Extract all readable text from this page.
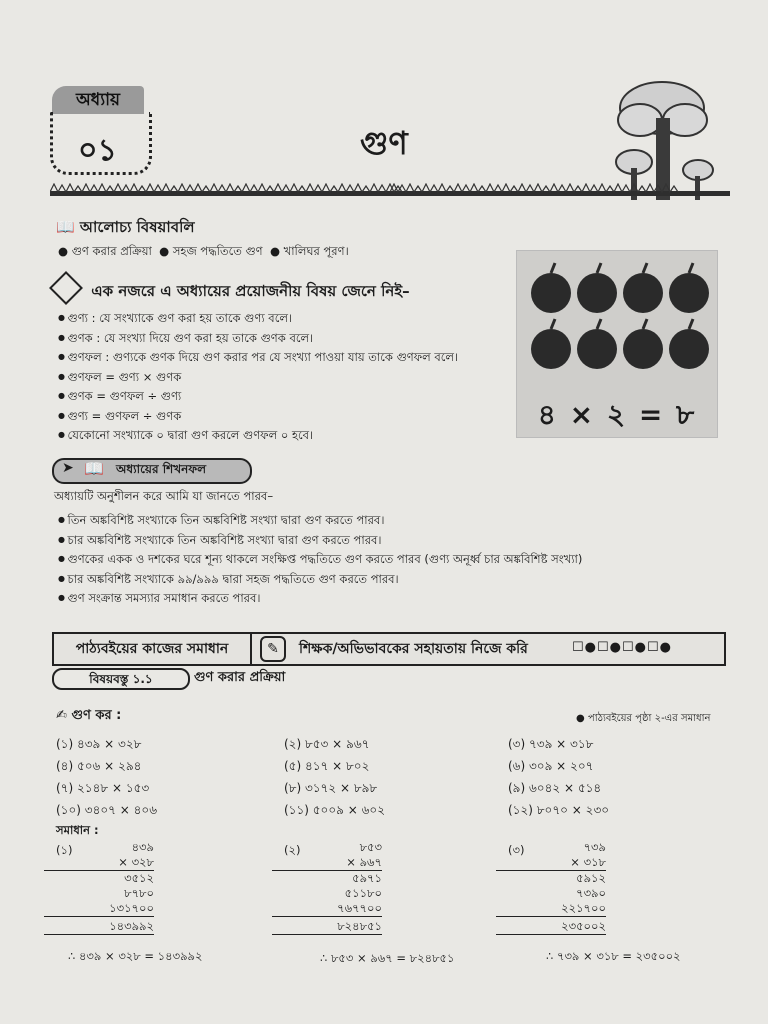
অধ্যায়
০১	গুণ
📖 আলোচ্য বিষয়াবলি
● গুণ করার প্রক্রিয়া  ● সহজ পদ্ধতিতে গুণ  ● খালিঘর পূরণ।
এক নজরে এ অধ্যায়ের প্রয়োজনীয় বিষয় জেনে নিই–
● গুণ্য : যে সংখ্যাকে গুণ করা হয় তাকে গুণ্য বলে।
● গুণক : যে সংখ্যা দিয়ে গুণ করা হয় তাকে গুণক বলে।
● গুণফল : গুণ্যকে গুণক দিয়ে গুণ করার পর যে সংখ্যা পাওয়া যায় তাকে গুণফল বলে।
● গুণফল = গুণ্য × গুণক
● গুণক = গুণফল ÷ গুণ্য
● গুণ্য = গুণফল ÷ গুণক
● যেকোনো সংখ্যাকে ০ দ্বারা গুণ করলে গুণফল ০ হবে।
৪ × ২ = ৮
➤ 📖 অধ্যায়ের শিখনফল
অধ্যায়টি অনুশীলন করে আমি যা জানতে পারব–
● তিন অঙ্কবিশিষ্ট সংখ্যাকে তিন অঙ্কবিশিষ্ট সংখ্যা দ্বারা গুণ করতে পারব।
● চার অঙ্কবিশিষ্ট সংখ্যাকে তিন অঙ্কবিশিষ্ট সংখ্যা দ্বারা গুণ করতে পারব।
● গুণকের একক ও দশকের ঘরে শূন্য থাকলে সংক্ষিপ্ত পদ্ধতিতে গুণ করতে পারব (গুণ্য অনূর্ধ্ব চার অঙ্কবিশিষ্ট সংখ্যা)
● চার অঙ্কবিশিষ্ট সংখ্যাকে ৯৯/৯৯৯ দ্বারা সহজ পদ্ধতিতে গুণ করতে পারব।
● গুণ সংক্রান্ত সমস্যার সমাধান করতে পারব।
পাঠ্যবইয়ের কাজের সমাধান	✎	শিক্ষক/অভিভাবকের সহায়তায় নিজে করি	☐●☐●☐●☐●
বিষয়বস্তু ১.১	গুণ করার প্রক্রিয়া
✍ গুণ কর :	● পাঠ্যবইয়ের পৃষ্ঠা ২-এর সমাধান
(১) ৪৩৯ × ৩২৮	(২) ৮৫৩ × ৯৬৭	(৩) ৭৩৯ × ৩১৮
(৪) ৫০৬ × ২৯৪	(৫) ৪১৭ × ৮০২	(৬) ৩০৯ × ২০৭
(৭) ২১৪৮ × ১৫৩	(৮) ৩১৭২ × ৮৯৮	(৯) ৬০৪২ × ৫১৪
(১০) ৩৪০৭ × ৪০৬	(১১) ৫০০৯ × ৬০২	(১২) ৮০৭০ × ২৩০
সমাধান :
(১)	৪৩৯
× ৩২৮
৩৫১২
৮৭৮০
১৩১৭০০
১৪৩৯৯২
∴ ৪৩৯ × ৩২৮ = ১৪৩৯৯২
(২)	৮৫৩
× ৯৬৭
৫৯৭১
৫১১৮০
৭৬৭৭০০
৮২৪৮৫১
∴ ৮৫৩ × ৯৬৭ = ৮২৪৮৫১
(৩)	৭৩৯
× ৩১৮
৫৯১২
৭৩৯০
২২১৭০০
২৩৫০০২
∴ ৭৩৯ × ৩১৮ = ২৩৫০০২
